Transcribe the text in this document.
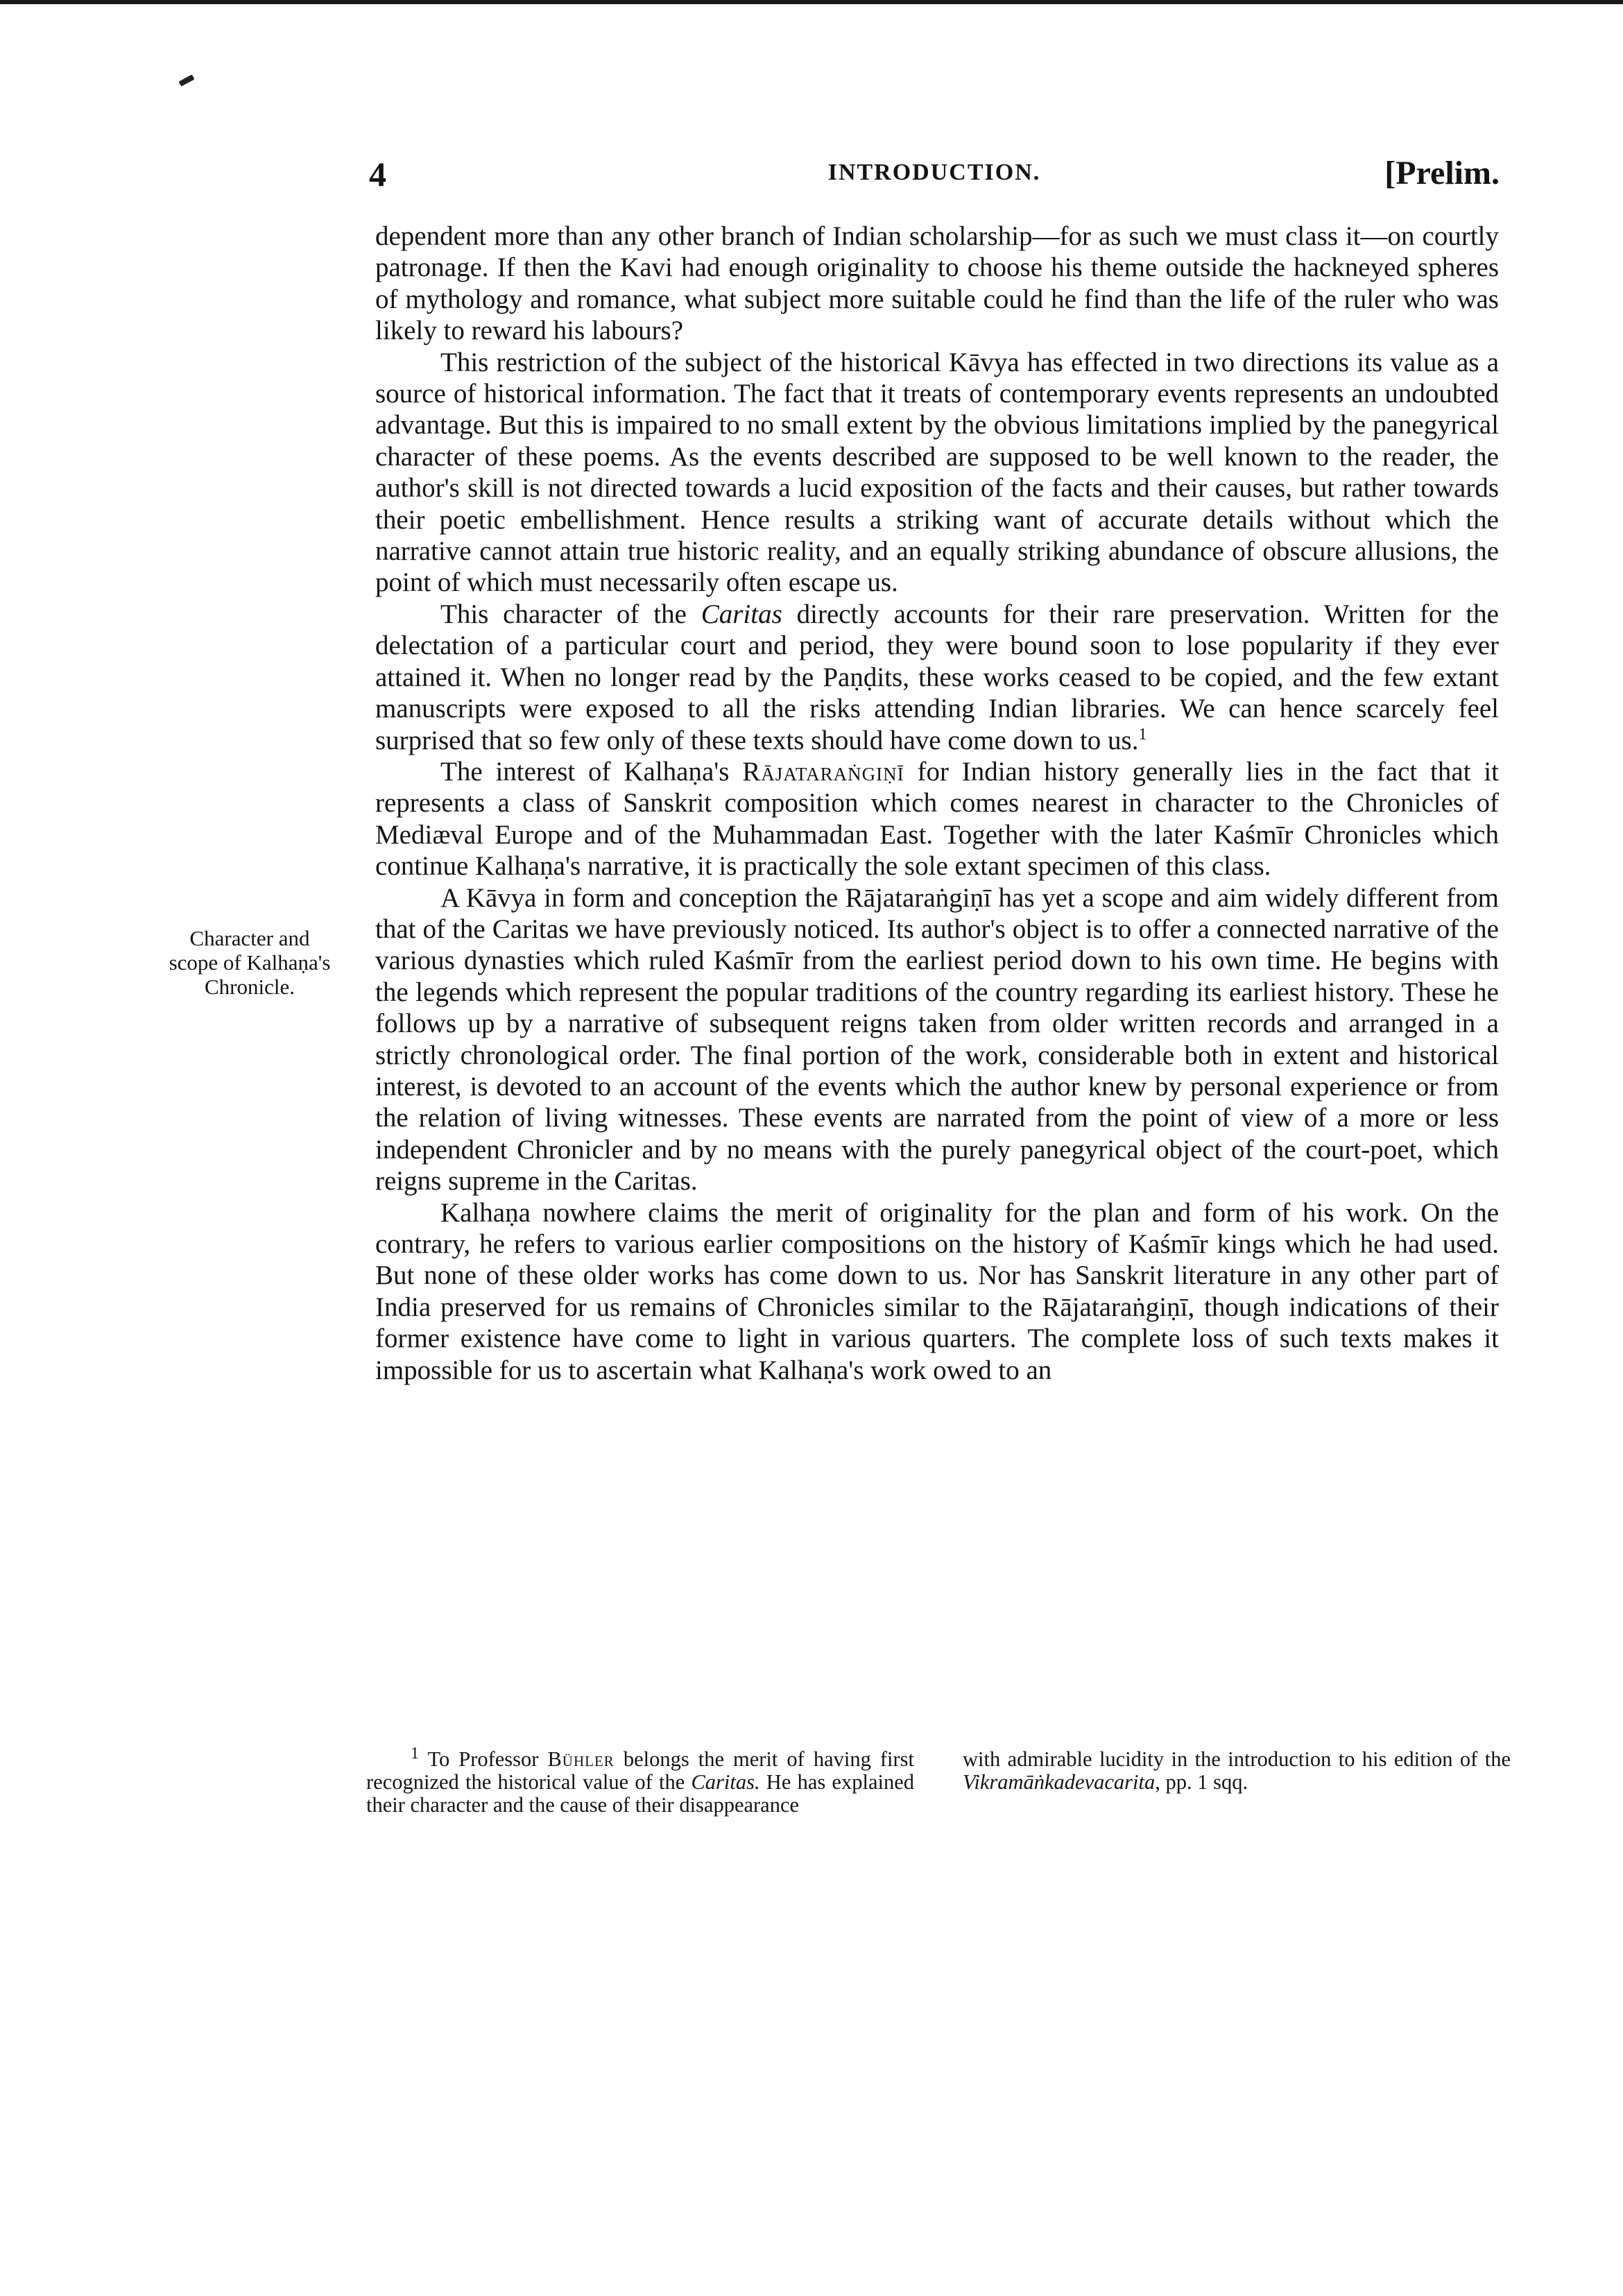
4	INTRODUCTION.	[Prelim.
Character and
scope of Kalhaṇa's
Chronicle.

dependent more than any other branch of Indian scholarship—for as such we must class it—on courtly patronage. If then the Kavi had enough originality to choose his theme outside the hackneyed spheres of mythology and romance, what subject more suitable could he find than the life of the ruler who was likely to reward his labours?

This restriction of the subject of the historical Kāvya has effected in two directions its value as a source of historical information. The fact that it treats of contemporary events represents an undoubted advantage. But this is impaired to no small extent by the obvious limitations implied by the panegyrical character of these poems. As the events described are supposed to be well known to the reader, the author's skill is not directed towards a lucid exposition of the facts and their causes, but rather towards their poetic embellishment. Hence results a striking want of accurate details without which the narrative cannot attain true historic reality, and an equally striking abundance of obscure allusions, the point of which must necessarily often escape us.

This character of the Caritas directly accounts for their rare preservation. Written for the delectation of a particular court and period, they were bound soon to lose popularity if they ever attained it. When no longer read by the Paṇḍits, these works ceased to be copied, and the few extant manuscripts were exposed to all the risks attending Indian libraries. We can hence scarcely feel surprised that so few only of these texts should have come down to us.$^1$

The interest of Kalhaṇa's Rājataraṅgiṇī for Indian history generally lies in the fact that it represents a class of Sanskrit composition which comes nearest in character to the Chronicles of Mediæval Europe and of the Muhammadan East. Together with the later Kaśmīr Chronicles which continue Kalhaṇa's narrative, it is practically the sole extant specimen of this class.

A Kāvya in form and conception the Rājataraṅgiṇī has yet a scope and aim widely different from that of the Caritas we have previously noticed. Its author's object is to offer a connected narrative of the various dynasties which ruled Kaśmīr from the earliest period down to his own time. He begins with the legends which represent the popular traditions of the country regarding its earliest history. These he follows up by a narrative of subsequent reigns taken from older written records and arranged in a strictly chronological order. The final portion of the work, considerable both in extent and historical interest, is devoted to an account of the events which the author knew by personal experience or from the relation of living witnesses. These events are narrated from the point of view of a more or less independent Chronicler and by no means with the purely panegyrical object of the court-poet, which reigns supreme in the Caritas.

Kalhaṇa nowhere claims the merit of originality for the plan and form of his work. On the contrary, he refers to various earlier compositions on the history of Kaśmīr kings which he had used. But none of these older works has come down to us. Nor has Sanskrit literature in any other part of India preserved for us remains of Chronicles similar to the Rājataraṅgiṇī, though indications of their former existence have come to light in various quarters. The complete loss of such texts makes it impossible for us to ascertain what Kalhaṇa's work owed to an

$^1$ To Professor Bühler belongs the merit of having first recognized the historical value of the Caritas. He has explained their character and the cause of their disappearance

with admirable lucidity in the introduction to his edition of the Vikramāṅkadevacarita, pp. 1 sqq.
